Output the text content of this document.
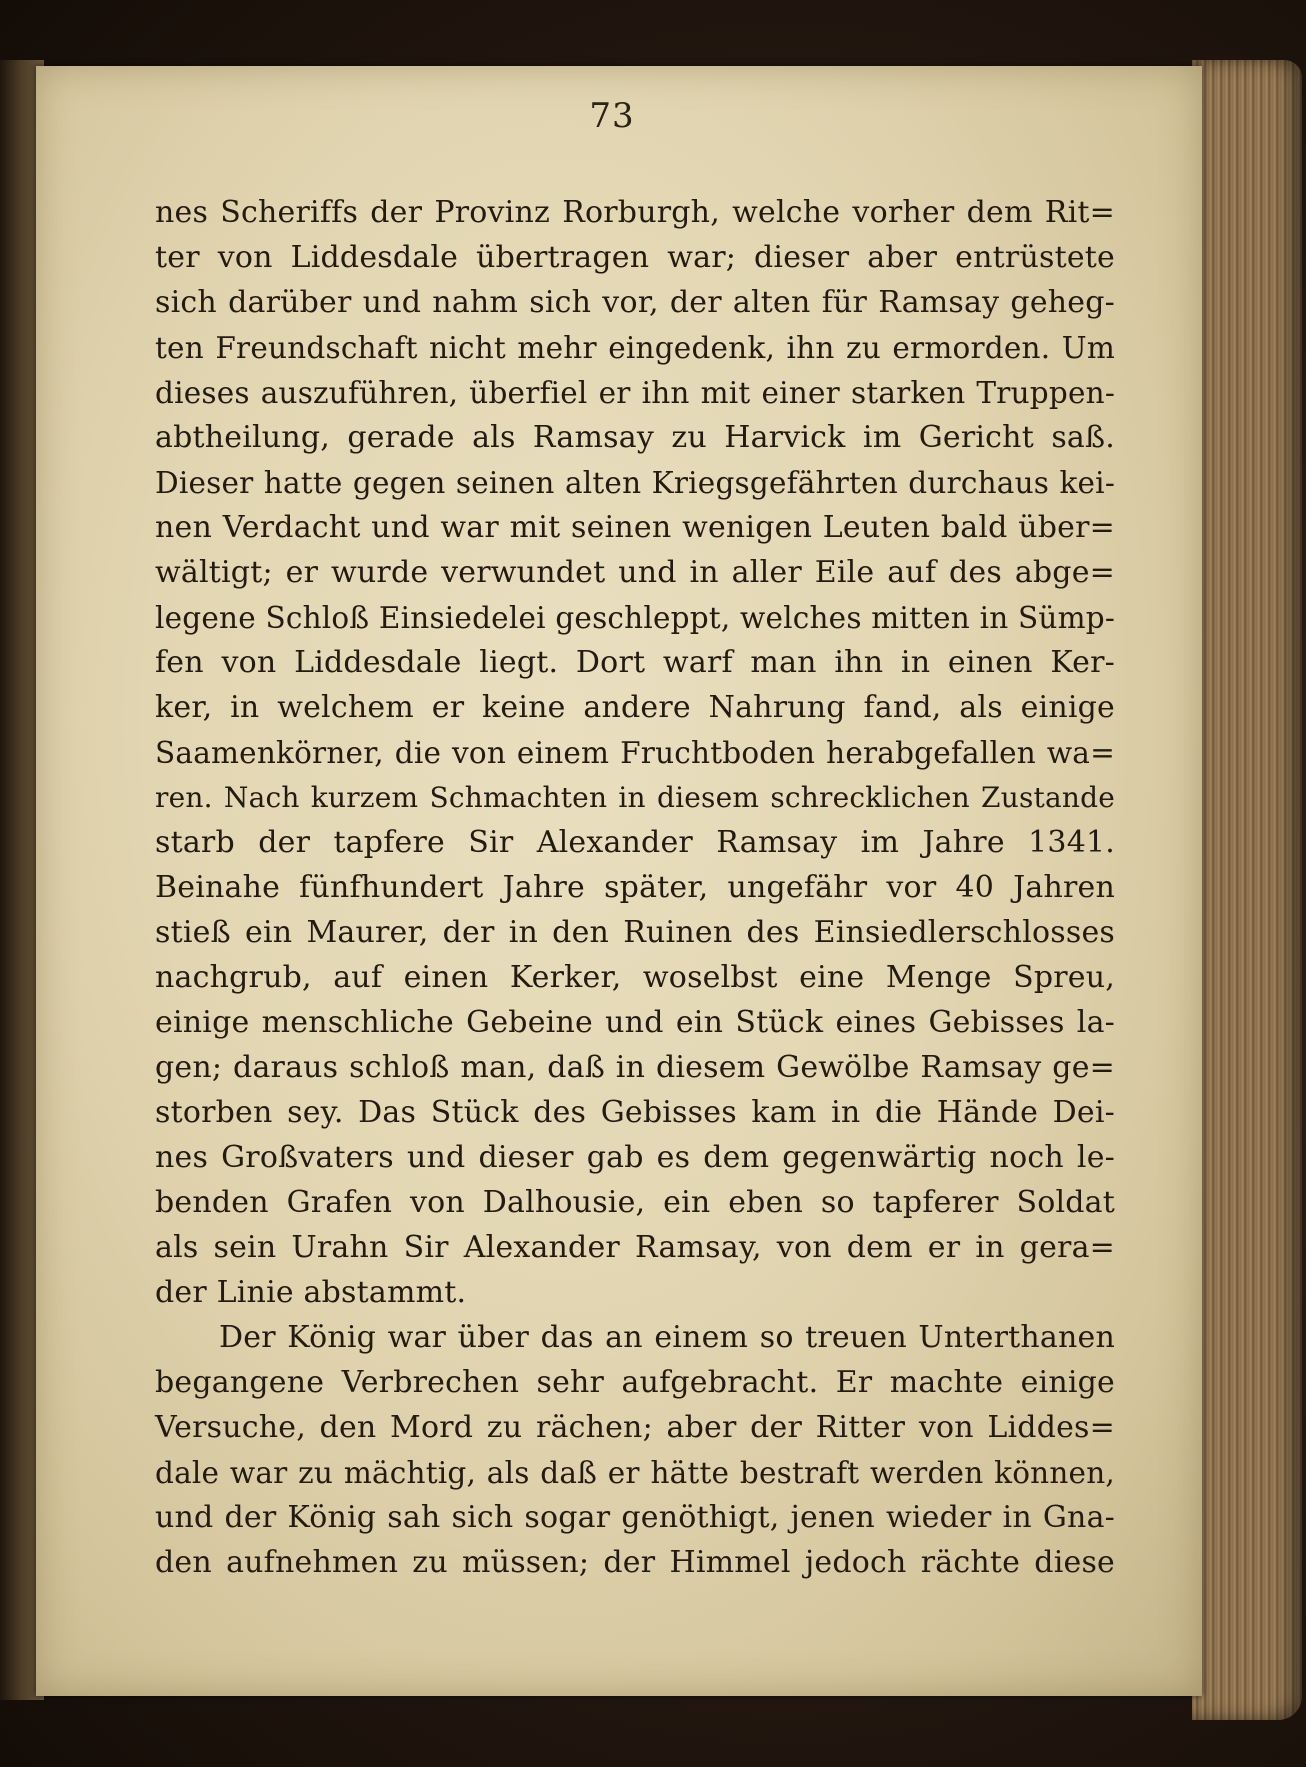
73
nes Scheriffs der Provinz Rorburgh, welche vorher dem Rit=
ter von Liddesdale übertragen war; dieser aber entrüstete
sich darüber und nahm sich vor, der alten für Ramsay geheg-
ten Freundschaft nicht mehr eingedenk, ihn zu ermorden. Um
dieses auszuführen, überfiel er ihn mit einer starken Truppen-
abtheilung, gerade als Ramsay zu Harvick im Gericht saß.
Dieser hatte gegen seinen alten Kriegsgefährten durchaus kei-
nen Verdacht und war mit seinen wenigen Leuten bald über=
wältigt; er wurde verwundet und in aller Eile auf des abge=
legene Schloß Einsiedelei geschleppt, welches mitten in Sümp-
fen von Liddesdale liegt. Dort warf man ihn in einen Ker-
ker, in welchem er keine andere Nahrung fand, als einige
Saamenkörner, die von einem Fruchtboden herabgefallen wa=
ren. Nach kurzem Schmachten in diesem schrecklichen Zustande
starb der tapfere Sir Alexander Ramsay im Jahre 1341.
Beinahe fünfhundert Jahre später, ungefähr vor 40 Jahren
stieß ein Maurer, der in den Ruinen des Einsiedlerschlosses
nachgrub, auf einen Kerker, woselbst eine Menge Spreu,
einige menschliche Gebeine und ein Stück eines Gebisses la-
gen; daraus schloß man, daß in diesem Gewölbe Ramsay ge=
storben sey. Das Stück des Gebisses kam in die Hände Dei-
nes Großvaters und dieser gab es dem gegenwärtig noch le-
benden Grafen von Dalhousie, ein eben so tapferer Soldat
als sein Urahn Sir Alexander Ramsay, von dem er in gera=
der Linie abstammt.
Der König war über das an einem so treuen Unterthanen
begangene Verbrechen sehr aufgebracht. Er machte einige
Versuche, den Mord zu rächen; aber der Ritter von Liddes=
dale war zu mächtig, als daß er hätte bestraft werden können,
und der König sah sich sogar genöthigt, jenen wieder in Gna-
den aufnehmen zu müssen; der Himmel jedoch rächte diese
